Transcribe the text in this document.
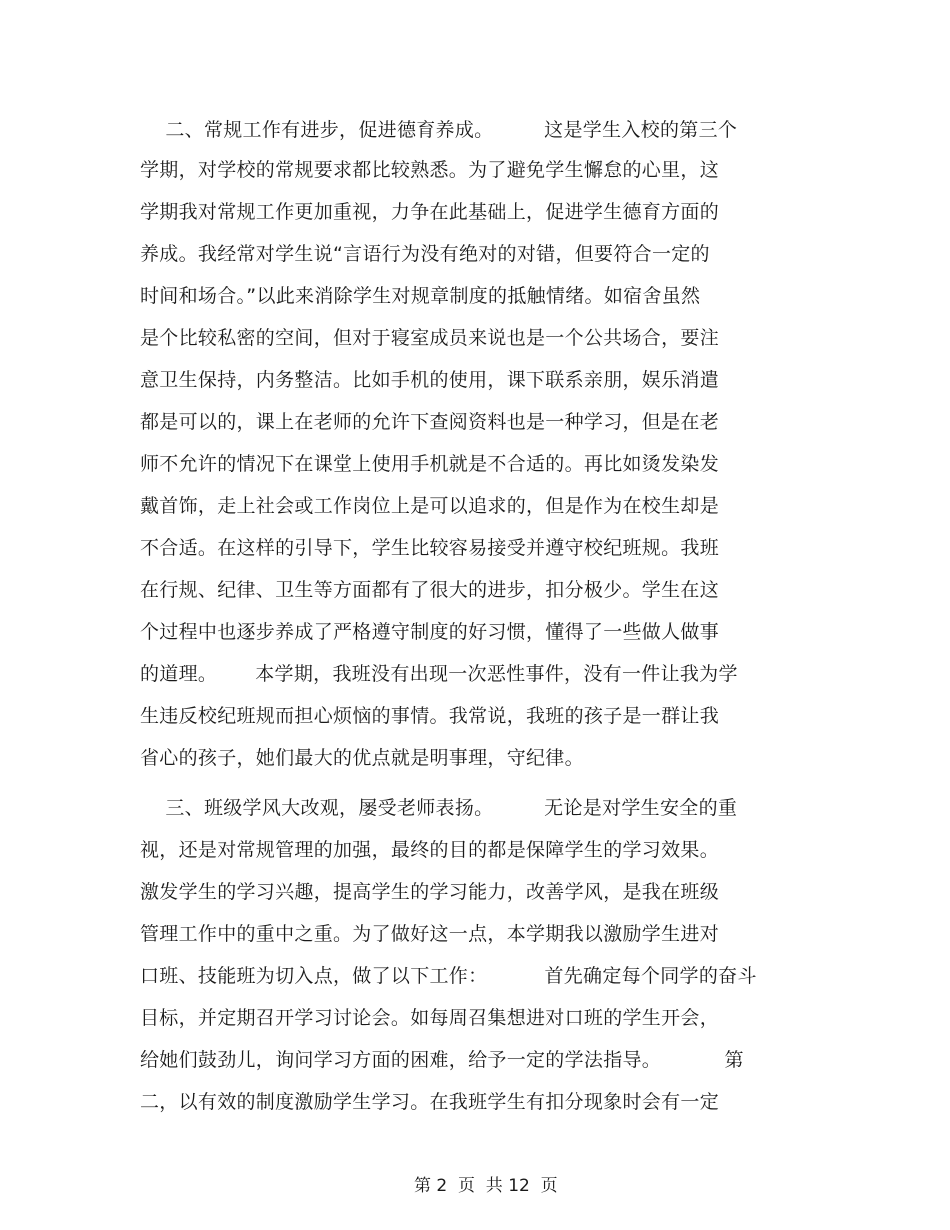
二、常规工作有进步，促进德育养成。        这是学生入校的第三个
学期，对学校的常规要求都比较熟悉。为了避免学生懈怠的心里，这
学期我对常规工作更加重视，力争在此基础上，促进学生德育方面的
养成。我经常对学生说“言语行为没有绝对的对错，但要符合一定的
时间和场合。”以此来消除学生对规章制度的抵触情绪。如宿舍虽然
是个比较私密的空间，但对于寝室成员来说也是一个公共场合，要注
意卫生保持，内务整洁。比如手机的使用，课下联系亲朋，娱乐消遣
都是可以的，课上在老师的允许下查阅资料也是一种学习，但是在老
师不允许的情况下在课堂上使用手机就是不合适的。再比如烫发染发
戴首饰，走上社会或工作岗位上是可以追求的，但是作为在校生却是
不合适。在这样的引导下，学生比较容易接受并遵守校纪班规。我班
在行规、纪律、卫生等方面都有了很大的进步，扣分极少。学生在这
个过程中也逐步养成了严格遵守制度的好习惯，懂得了一些做人做事
的道理。      本学期，我班没有出现一次恶性事件，没有一件让我为学
生违反校纪班规而担心烦恼的事情。我常说，我班的孩子是一群让我
省心的孩子，她们最大的优点就是明事理，守纪律。
三、班级学风大改观，屡受老师表扬。        无论是对学生安全的重
视，还是对常规管理的加强，最终的目的都是保障学生的学习效果。
激发学生的学习兴趣，提高学生的学习能力，改善学风，是我在班级
管理工作中的重中之重。为了做好这一点，本学期我以激励学生进对
口班、技能班为切入点，做了以下工作：         首先确定每个同学的奋斗
目标，并定期召开学习讨论会。如每周召集想进对口班的学生开会，
给她们鼓劲儿，询问学习方面的困难，给予一定的学法指导。          第
二，以有效的制度激励学生学习。在我班学生有扣分现象时会有一定

第 2  页  共 12  页
